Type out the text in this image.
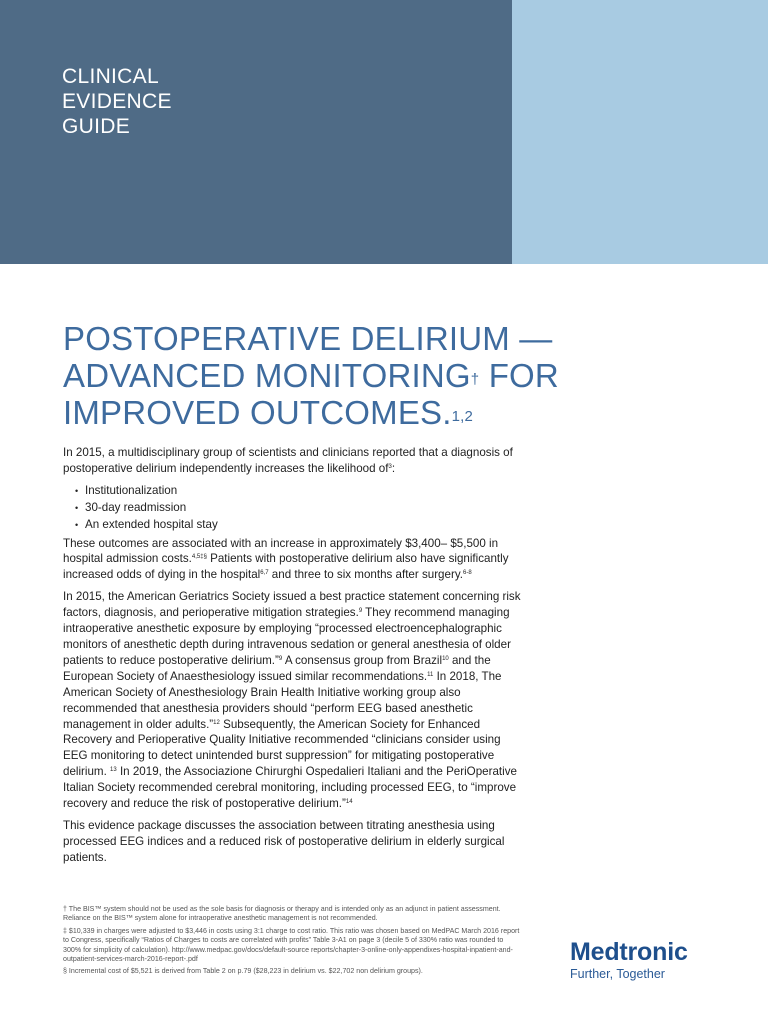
CLINICAL
EVIDENCE
GUIDE
POSTOPERATIVE DELIRIUM —
ADVANCED MONITORING† FOR
IMPROVED OUTCOMES.$^{1,2}$

In 2015, a multidisciplinary group of scientists and clinicians reported that a diagnosis of postoperative delirium independently increases the likelihood $of^3$:

• Institutionalization
• 30-day readmission
• An extended hospital stay

These outcomes are associated with an increase in approximately $3,400– $5,500 in hospital admission costs.$^{4,5\ddagger\S}$ Patients with postoperative delirium also have significantly increased odds of dying in the hospital$^{6,7}$ and three to six months after surgery.$^{6-8}$

In 2015, the American Geriatrics Society issued a best practice statement concerning risk factors, diagnosis, and perioperative mitigation strategies.$^9$ They recommend managing intraoperative anesthetic exposure by employing “processed electroencephalographic monitors of anesthetic depth during intravenous sedation or general anesthesia of older patients to reduce postoperative delirium.”$^9$ A consensus group from Brazil$^{10}$ and the European Society of Anaesthesiology issued similar recommendations.$^{11}$ In 2018, The American Society of Anesthesiology Brain Health Initiative working group also recommended that anesthesia providers should “perform EEG based anesthetic management in older adults.”$^{12}$ Subsequently, the American Society for Enhanced Recovery and Perioperative Quality Initiative recommended “clinicians consider using EEG monitoring to detect unintended burst suppression” for mitigating postoperative delirium. $^{13}$ In 2019, the Associazione Chirurghi Ospedalieri Italiani and the PeriOperative Italian Society recommended cerebral monitoring, including processed EEG, to “improve recovery and reduce the risk of postoperative delirium.”$^{14}$

This evidence package discusses the association between titrating anesthesia using processed EEG indices and a reduced risk of postoperative delirium in elderly surgical patients.

† The BIS™ system should not be used as the sole basis for diagnosis or therapy and is intended only as an adjunct in patient assessment. Reliance on the BIS™ system alone for intraoperative anesthetic management is not recommended.

‡ $10,339 in charges were adjusted to $3,446 in costs using 3:1 charge to cost ratio. This ratio was chosen based on MedPAC March 2016 report to Congress, specifically “Ratios of Charges to costs are correlated with profits” Table 3-A1 on page 3 (decile 5 of 330% ratio was rounded to 300% for simplicity of calculation). http://www.medpac.gov/docs/default-source reports/chapter-3-online-only-appendixes-hospital-inpatient-and-outpatient-services-march-2016-report-.pdf

§ Incremental cost of $5,521 is derived from Table 2 on p.79 ($28,223 in delirium vs. $22,702 non delirium groups).

Medtronic
Further, Together
